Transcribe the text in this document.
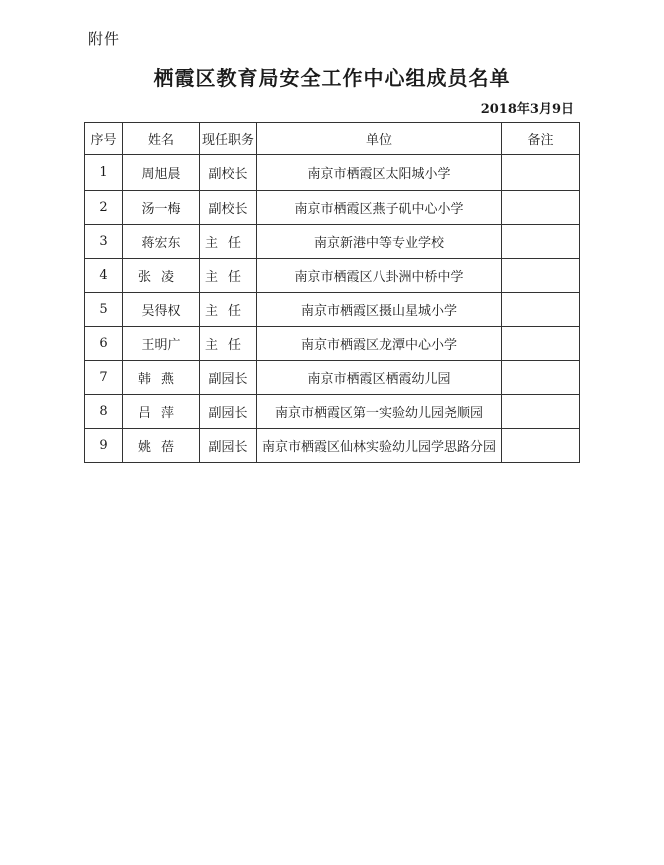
附件
栖霞区教育局安全工作中心组成员名单
2018年3月9日
序号	姓名	现任职务	单位	备注
1	周旭晨	副校长	南京市栖霞区太阳城小学	
2	汤一梅	副校长	南京市栖霞区燕子矶中心小学	
3	蒋宏东	主任	南京新港中等专业学校	
4	张凌	主任	南京市栖霞区八卦洲中桥中学	
5	吴得权	主任	南京市栖霞区摄山星城小学	
6	王明广	主任	南京市栖霞区龙潭中心小学	
7	韩燕	副园长	南京市栖霞区栖霞幼儿园	
8	吕萍	副园长	南京市栖霞区第一实验幼儿园尧顺园	
9	姚蓓	副园长	南京市栖霞区仙林实验幼儿园学思路分园	
